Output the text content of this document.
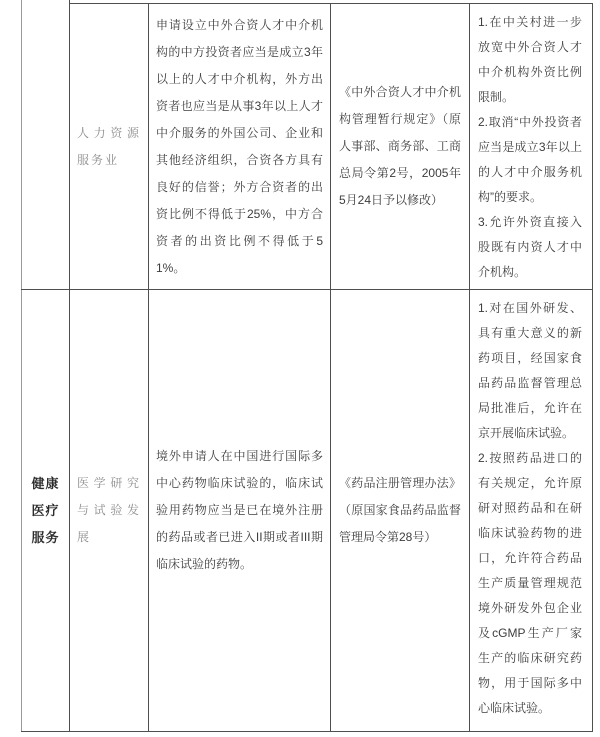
	人力资源服务业	申请设立中外合资人才中介机构的中方投资者应当是成立3年以上的人才中介机构，外方出资者也应当是从事3年以上人才中介服务的外国公司、企业和其他经济组织，合资各方具有良好的信誉；外方合资者的出资比例不得低于25%，中方合资者的出资比例不得低于51%。	《中外合资人才中介机构管理暂行规定》（原人事部、商务部、工商总局令第2号，2005年5月24日予以修改）	1.在中关村进一步放宽中外合资人才中介机构外资比例限制。
2.取消“中外投资者应当是成立3年以上的人才中介服务机构”的要求。
3.允许外资直接入股既有内资人才中介机构。

健康医疗服务	医学研究与试验发展	境外申请人在中国进行国际多中心药物临床试验的，临床试验用药物应当是已在境外注册的药品或者已进入II期或者III期临床试验的药物。	《药品注册管理办法》（原国家食品药品监督管理局令第28号）	1.对在国外研发、具有重大意义的新药项目，经国家食品药品监督管理总局批准后，允许在京开展临床试验。
2.按照药品进口的有关规定，允许原研对照药品和在研临床试验药物的进口，允许符合药品生产质量管理规范境外研发外包企业及cGMP生产厂家生产的临床研究药物，用于国际多中心临床试验。
